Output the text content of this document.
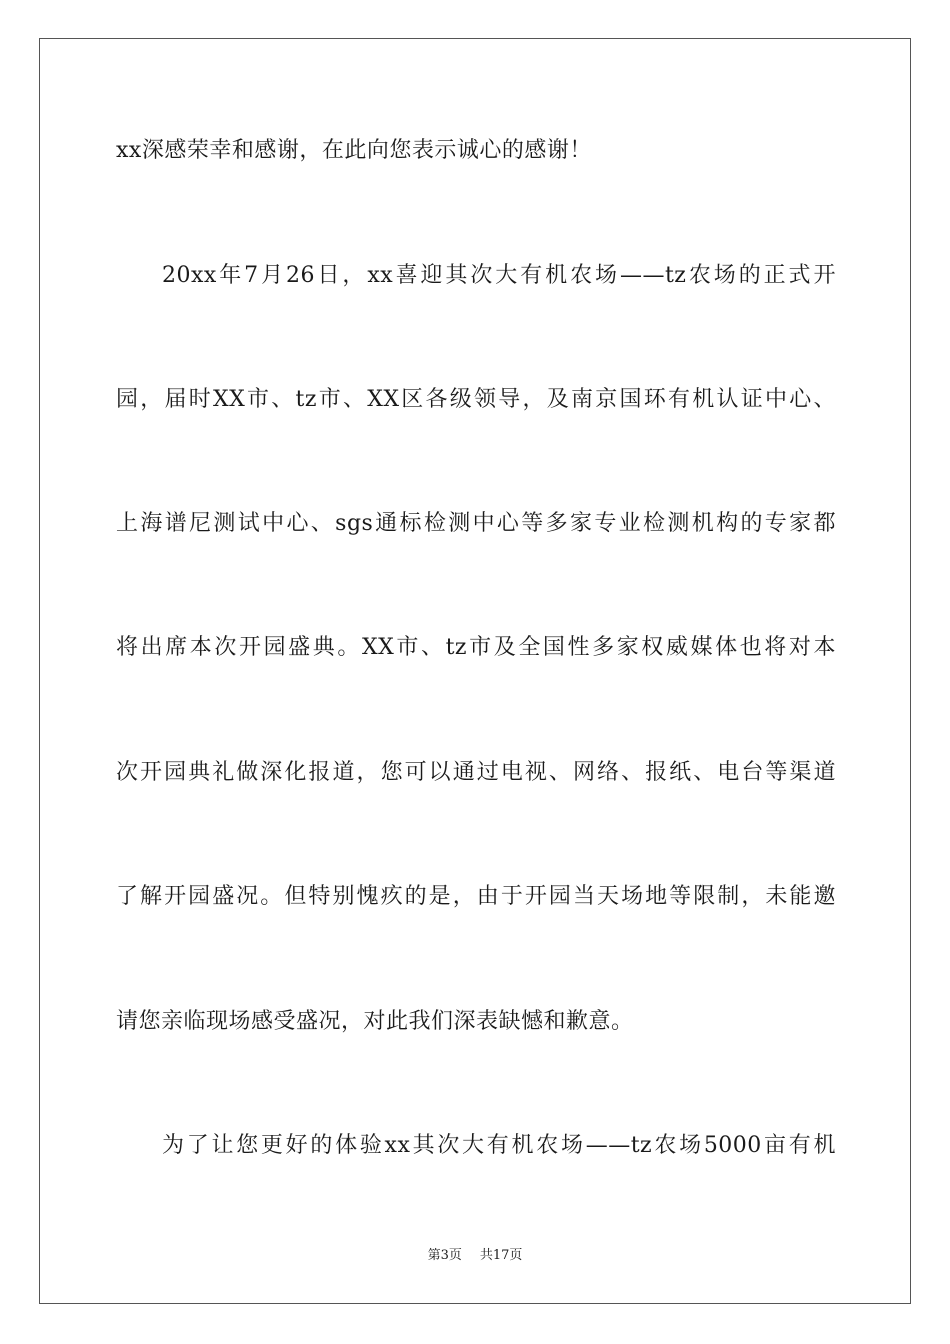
xx深感荣幸和感谢，在此向您表示诚心的感谢！
20xx年7月26日，xx喜迎其次大有机农场——tz农场的正式开
园，届时XX市、tz市、XX区各级领导，及南京国环有机认证中心、
上海谱尼测试中心、sgs通标检测中心等多家专业检测机构的专家都
将出席本次开园盛典。XX市、tz市及全国性多家权威媒体也将对本
次开园典礼做深化报道，您可以通过电视、网络、报纸、电台等渠道
了解开园盛况。但特别愧疚的是，由于开园当天场地等限制，未能邀
请您亲临现场感受盛况，对此我们深表缺憾和歉意。
为了让您更好的体验xx其次大有机农场——tz农场5000亩有机
第3页 共17页
